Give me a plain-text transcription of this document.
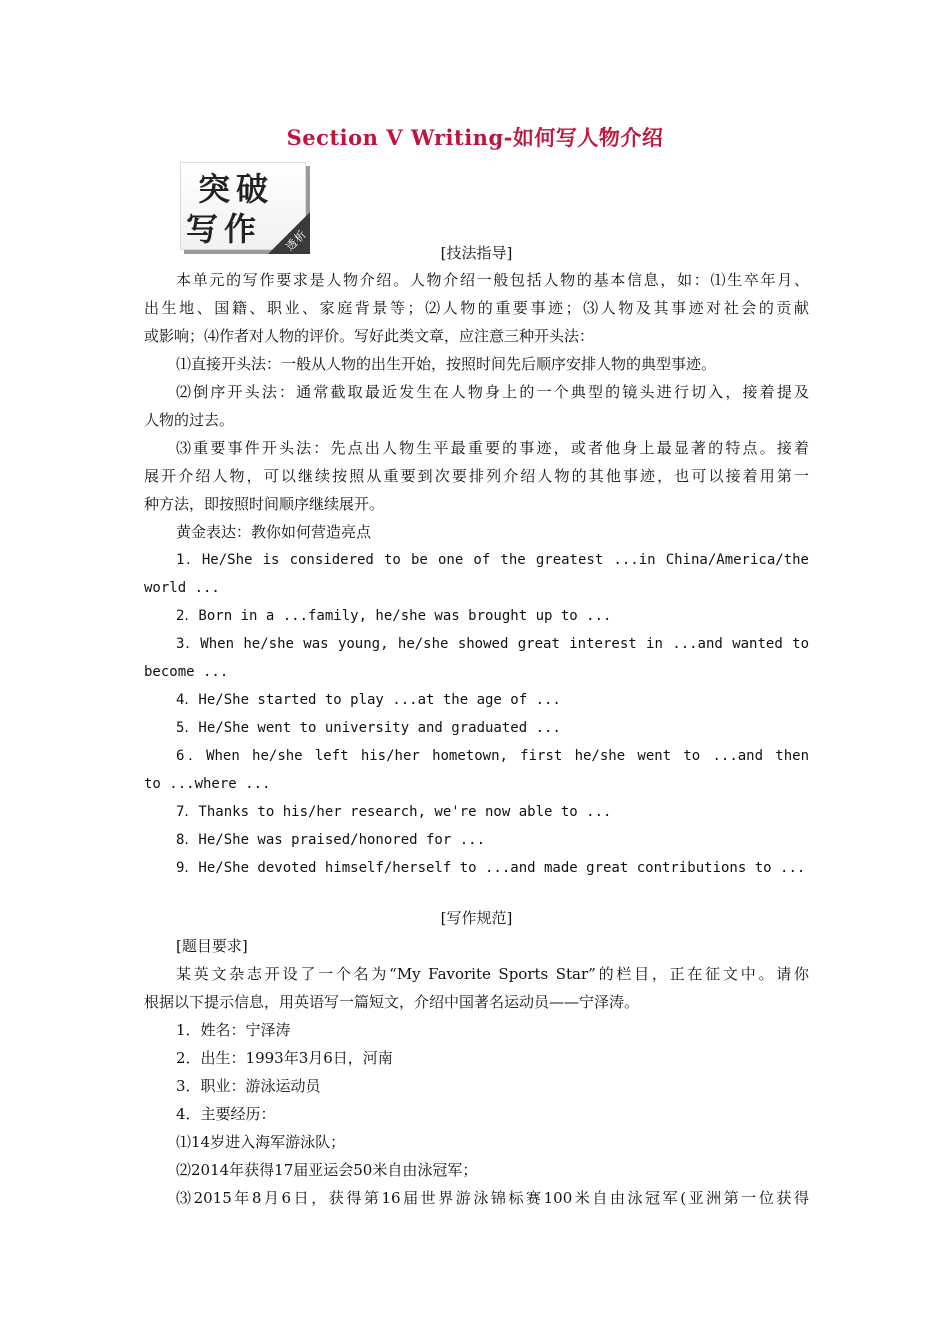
Section Ⅴ Writing-如何写人物介绍
突破
写作 透析	[技法指导]
本单元的写作要求是人物介绍。人物介绍一般包括人物的基本信息，如：⑴生卒年月、
出生地、国籍、职业、家庭背景等；⑵人物的重要事迹；⑶人物及其事迹对社会的贡献
或影响；⑷作者对人物的评价。写好此类文章，应注意三种开头法：
⑴直接开头法：一般从人物的出生开始，按照时间先后顺序安排人物的典型事迹。
⑵倒序开头法：通常截取最近发生在人物身上的一个典型的镜头进行切入，接着提及
人物的过去。
⑶重要事件开头法：先点出人物生平最重要的事迹，或者他身上最显著的特点。接着
展开介绍人物，可以继续按照从重要到次要排列介绍人物的其他事迹，也可以接着用第一
种方法，即按照时间顺序继续展开。
黄金表达：教你如何营造亮点
1．He/She is considered to be one of the greatest ...in China/America/the
world ...
2．Born in a ...family, he/she was brought up to ...
3．When he/she was young, he/she showed great interest in ...and wanted to
become ...
4．He/She started to play ...at the age of ...
5．He/She went to university and graduated ...
6．When he/she left his/her hometown, first he/she went to ...and then
to ...where ...
7．Thanks to his/her research, we're now able to ...
8．He/She was praised/honored for ...
9．He/She devoted himself/herself to ...and made great contributions to ...
[写作规范]
[题目要求]
某英文杂志开设了一个名为“My Favorite Sports Star”的栏目，正在征文中。请你
根据以下提示信息，用英语写一篇短文，介绍中国著名运动员——宁泽涛。
1．姓名：宁泽涛
2．出生：1993年3月6日，河南
3．职业：游泳运动员
4．主要经历：
⑴14岁进入海军游泳队；
⑵2014年获得17届亚运会50米自由泳冠军；
⑶2015年8月6日，获得第16届世界游泳锦标赛100米自由泳冠军(亚洲第一位获得
